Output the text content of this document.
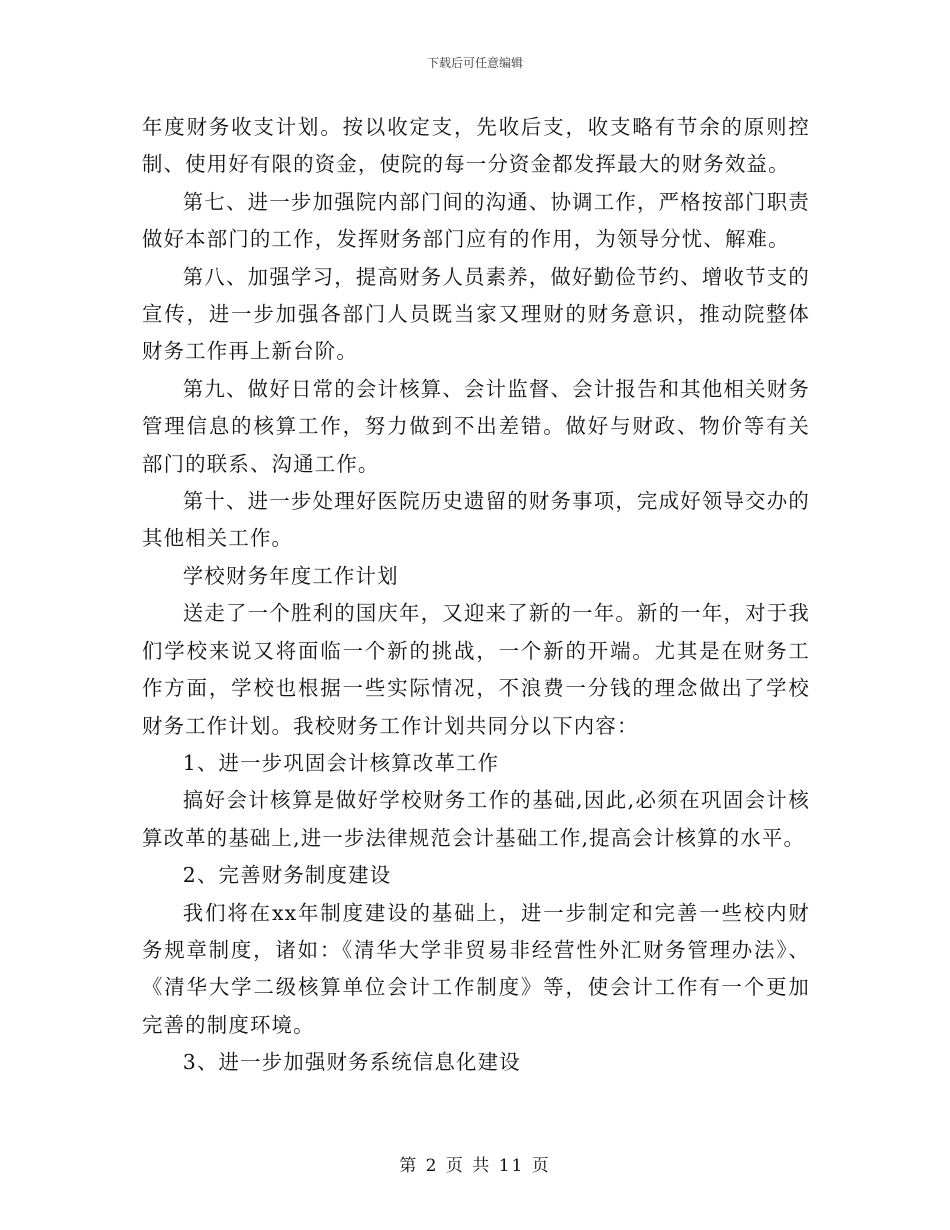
下载后可任意编辑

年度财务收支计划。按以收定支，先收后支，收支略有节余的原则控制、使用好有限的资金，使院的每一分资金都发挥最大的财务效益。

第七、进一步加强院内部门间的沟通、协调工作，严格按部门职责做好本部门的工作，发挥财务部门应有的作用，为领导分忧、解难。

第八、加强学习，提高财务人员素养，做好勤俭节约、增收节支的宣传，进一步加强各部门人员既当家又理财的财务意识，推动院整体财务工作再上新台阶。

第九、做好日常的会计核算、会计监督、会计报告和其他相关财务管理信息的核算工作，努力做到不出差错。做好与财政、物价等有关部门的联系、沟通工作。

第十、进一步处理好医院历史遗留的财务事项，完成好领导交办的其他相关工作。

学校财务年度工作计划

送走了一个胜利的国庆年，又迎来了新的一年。新的一年，对于我们学校来说又将面临一个新的挑战，一个新的开端。尤其是在财务工作方面，学校也根据一些实际情况，不浪费一分钱的理念做出了学校财务工作计划。我校财务工作计划共同分以下内容：

1、进一步巩固会计核算改革工作

搞好会计核算是做好学校财务工作的基础,因此,必须在巩固会计核算改革的基础上,进一步法律规范会计基础工作,提高会计核算的水平。

2、完善财务制度建设

我们将在xx年制度建设的基础上，进一步制定和完善一些校内财务规章制度，诸如：《清华大学非贸易非经营性外汇财务管理办法》、《清华大学二级核算单位会计工作制度》等，使会计工作有一个更加完善的制度环境。

3、进一步加强财务系统信息化建设

第 2 页 共 11 页
